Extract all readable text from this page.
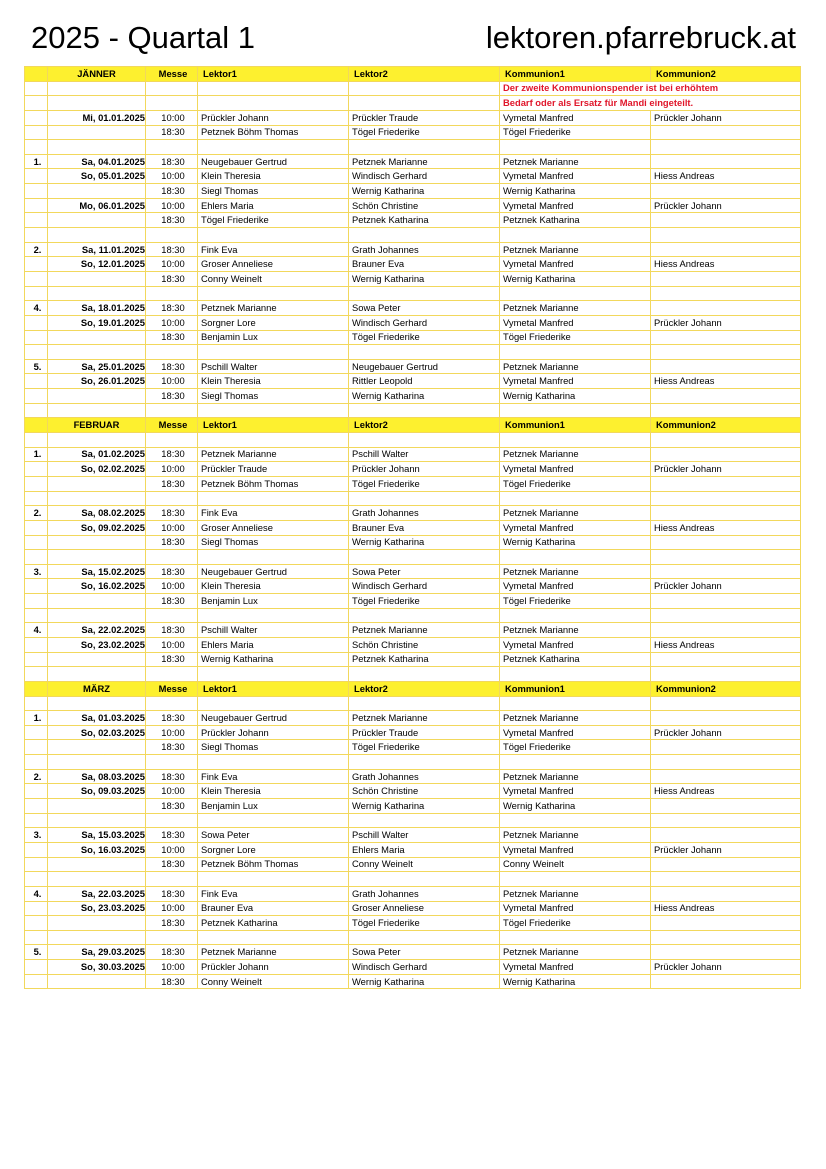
2025 - Quartal 1	lektoren.pfarrebruck.at
	JÄNNER	Messe	Lektor1	Lektor2	Kommunion1	Kommunion2
					Der zweite Kommunionspender ist bei erhöhtem	
					Bedarf oder als Ersatz für Mandi eingeteilt.	
	Mi, 01.01.2025	10:00	Prückler Johann	Prückler Traude	Vymetal Manfred	Prückler Johann
		18:30	Petznek Böhm Thomas	Tögel Friederike	Tögel Friederike	

1.	Sa, 04.01.2025	18:30	Neugebauer Gertrud	Petznek Marianne	Petznek Marianne	
	So, 05.01.2025	10:00	Klein Theresia	Windisch Gerhard	Vymetal Manfred	Hiess Andreas
		18:30	Siegl Thomas	Wernig Katharina	Wernig Katharina	
	Mo, 06.01.2025	10:00	Ehlers Maria	Schön Christine	Vymetal Manfred	Prückler Johann
		18:30	Tögel Friederike	Petznek Katharina	Petznek Katharina	

2.	Sa, 11.01.2025	18:30	Fink Eva	Grath Johannes	Petznek Marianne	
	So, 12.01.2025	10:00	Groser Anneliese	Brauner Eva	Vymetal Manfred	Hiess Andreas
		18:30	Conny Weinelt	Wernig Katharina	Wernig Katharina	

4.	Sa, 18.01.2025	18:30	Petznek Marianne	Sowa Peter	Petznek Marianne	
	So, 19.01.2025	10:00	Sorgner Lore	Windisch Gerhard	Vymetal Manfred	Prückler Johann
		18:30	Benjamin Lux	Tögel Friederike	Tögel Friederike	

5.	Sa, 25.01.2025	18:30	Pschill Walter	Neugebauer Gertrud	Petznek Marianne	
	So, 26.01.2025	10:00	Klein Theresia	Rittler Leopold	Vymetal Manfred	Hiess Andreas
		18:30	Siegl Thomas	Wernig Katharina	Wernig Katharina	

	FEBRUAR	Messe	Lektor1	Lektor2	Kommunion1	Kommunion2

1.	Sa, 01.02.2025	18:30	Petznek Marianne	Pschill Walter	Petznek Marianne	
	So, 02.02.2025	10:00	Prückler Traude	Prückler Johann	Vymetal Manfred	Prückler Johann
		18:30	Petznek Böhm Thomas	Tögel Friederike	Tögel Friederike	

2.	Sa, 08.02.2025	18:30	Fink Eva	Grath Johannes	Petznek Marianne	
	So, 09.02.2025	10:00	Groser Anneliese	Brauner Eva	Vymetal Manfred	Hiess Andreas
		18:30	Siegl Thomas	Wernig Katharina	Wernig Katharina	

3.	Sa, 15.02.2025	18:30	Neugebauer Gertrud	Sowa Peter	Petznek Marianne	
	So, 16.02.2025	10:00	Klein Theresia	Windisch Gerhard	Vymetal Manfred	Prückler Johann
		18:30	Benjamin Lux	Tögel Friederike	Tögel Friederike	

4.	Sa, 22.02.2025	18:30	Pschill Walter	Petznek Marianne	Petznek Marianne	
	So, 23.02.2025	10:00	Ehlers Maria	Schön Christine	Vymetal Manfred	Hiess Andreas
		18:30	Wernig Katharina	Petznek Katharina	Petznek Katharina	

	MÄRZ	Messe	Lektor1	Lektor2	Kommunion1	Kommunion2

1.	Sa, 01.03.2025	18:30	Neugebauer Gertrud	Petznek Marianne	Petznek Marianne	
	So, 02.03.2025	10:00	Prückler Johann	Prückler Traude	Vymetal Manfred	Prückler Johann
		18:30	Siegl Thomas	Tögel Friederike	Tögel Friederike	

2.	Sa, 08.03.2025	18:30	Fink Eva	Grath Johannes	Petznek Marianne	
	So, 09.03.2025	10:00	Klein Theresia	Schön Christine	Vymetal Manfred	Hiess Andreas
		18:30	Benjamin Lux	Wernig Katharina	Wernig Katharina	

3.	Sa, 15.03.2025	18:30	Sowa Peter	Pschill Walter	Petznek Marianne	
	So, 16.03.2025	10:00	Sorgner Lore	Ehlers Maria	Vymetal Manfred	Prückler Johann
		18:30	Petznek Böhm Thomas	Conny Weinelt	Conny Weinelt	

4.	Sa, 22.03.2025	18:30	Fink Eva	Grath Johannes	Petznek Marianne	
	So, 23.03.2025	10:00	Brauner Eva	Groser Anneliese	Vymetal Manfred	Hiess Andreas
		18:30	Petznek Katharina	Tögel Friederike	Tögel Friederike	

5.	Sa, 29.03.2025	18:30	Petznek Marianne	Sowa Peter	Petznek Marianne	
	So, 30.03.2025	10:00	Prückler Johann	Windisch Gerhard	Vymetal Manfred	Prückler Johann
		18:30	Conny Weinelt	Wernig Katharina	Wernig Katharina	
